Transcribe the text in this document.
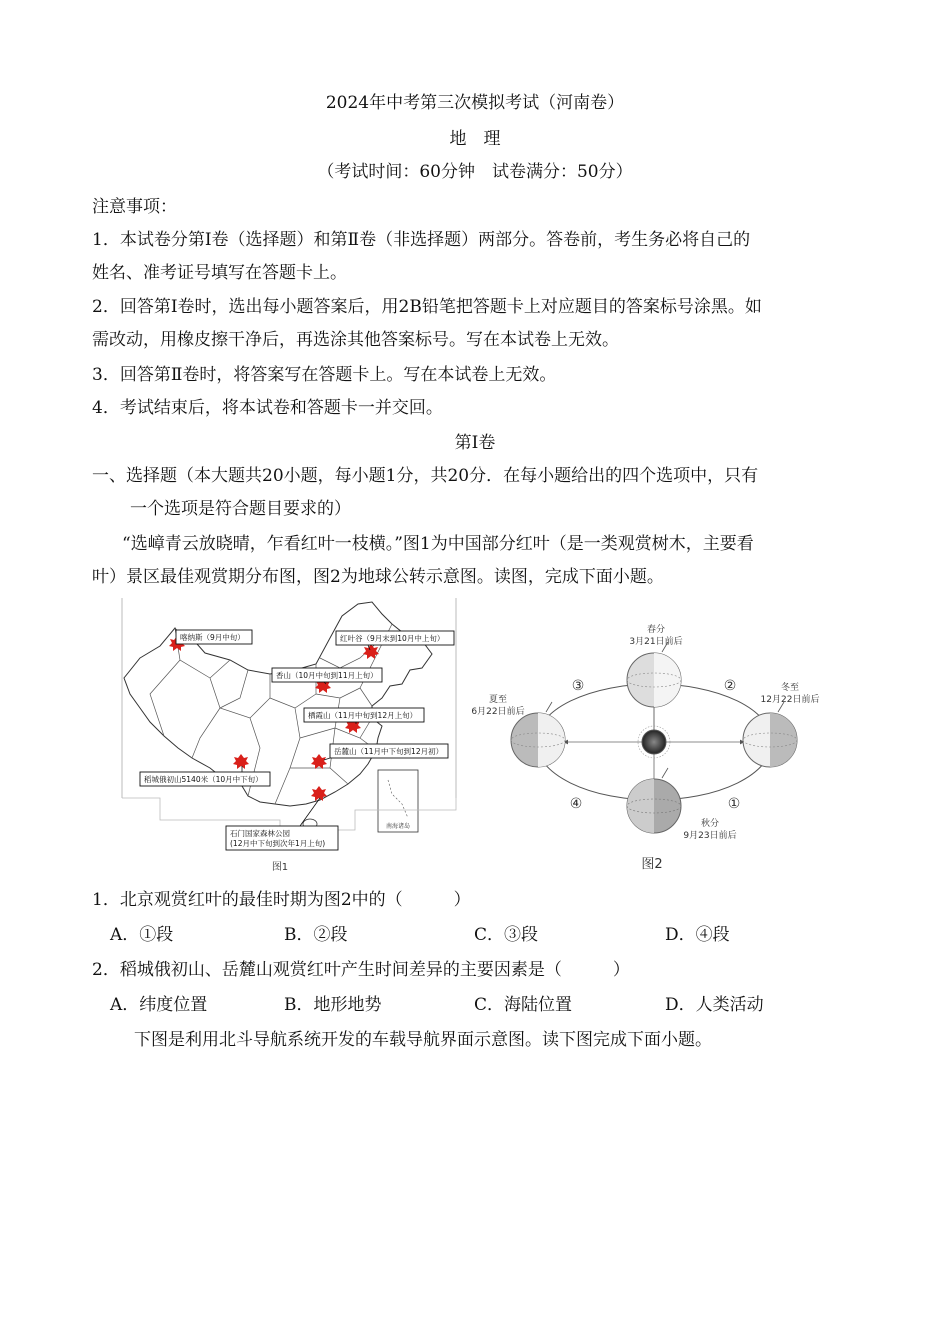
2024年中考第三次模拟考试（河南卷）
地　理
（考试时间：60分钟　试卷满分：50分）
注意事项：
1．本试卷分第Ⅰ卷（选择题）和第Ⅱ卷（非选择题）两部分。答卷前，考生务必将自己的
姓名、准考证号填写在答题卡上。
2．回答第Ⅰ卷时，选出每小题答案后，用2B铅笔把答题卡上对应题目的答案标号涂黑。如
需改动，用橡皮擦干净后，再选涂其他答案标号。写在本试卷上无效。
3．回答第Ⅱ卷时，将答案写在答题卡上。写在本试卷上无效。
4．考试结束后，将本试卷和答题卡一并交回。
第Ⅰ卷
一、选择题（本大题共20小题，每小题1分，共20分．在每小题给出的四个选项中，只有
一个选项是符合题目要求的）
“选嶂青云放晓晴，乍看红叶一枝横。”图1为中国部分红叶（是一类观赏树木，主要看
叶）景区最佳观赏期分布图，图2为地球公转示意图。读图，完成下面小题。
南海诸岛
喀纳斯（9月中旬）	红叶谷（9月末到10月中上旬）
香山（10月中旬到11月上旬）
栖霞山（11月中旬到12月上旬）
岳麓山（11月中下旬到12月初）
稻城俄初山5140米（10月中下旬）
石门国家森林公园
(12月中下旬到次年1月上旬)
图1
春分
3月21日前后
夏至
6月22日前后
冬至
12月22日前后
秋分
9月23日前后
③	②
④	①
图2
1．北京观赏红叶的最佳时期为图2中的（　　　）
A．①段	B．②段	C．③段	D．④段
2．稻城俄初山、岳麓山观赏红叶产生时间差异的主要因素是（　　　）
A．纬度位置	B．地形地势	C．海陆位置	D．人类活动
下图是利用北斗导航系统开发的车载导航界面示意图。读下图完成下面小题。
